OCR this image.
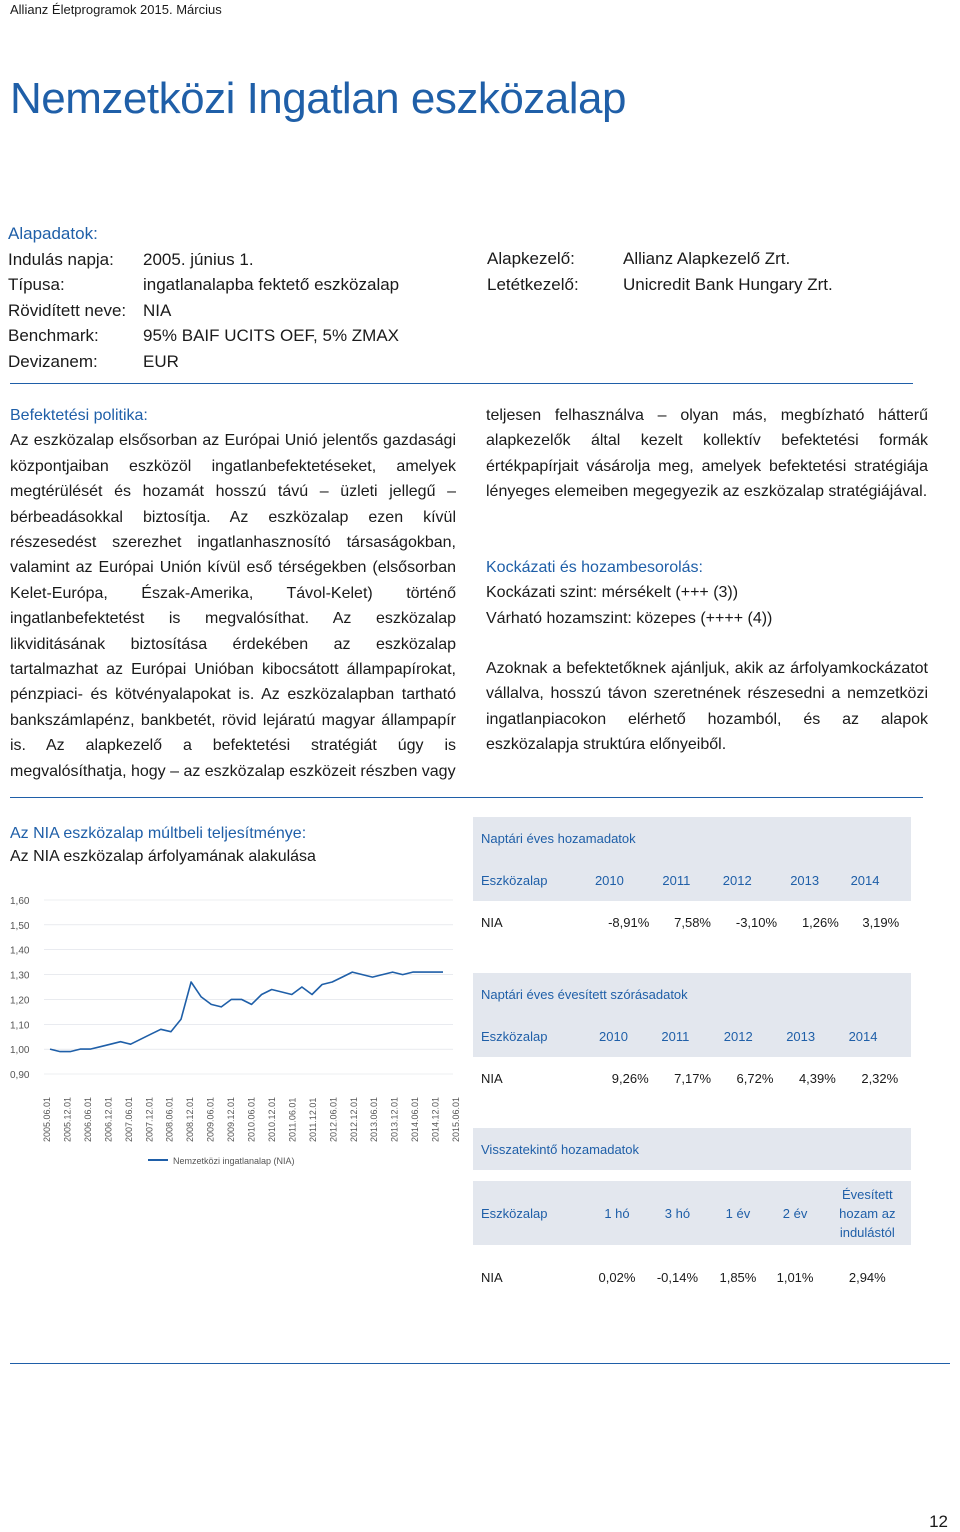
Allianz Életprogramok 2015. Március
Nemzetközi Ingatlan eszközalap
Alapadatok:
Indulás napja:	2005. június 1.
Típusa:	ingatlanalapba fektető eszközalap
Rövidített neve: NIA
Benchmark:	95% BAIF UCITS OEF, 5% ZMAX
Devizanem:	EUR
Alapkezelő:	Allianz Alapkezelő Zrt.
Letétkezelő:	Unicredit Bank Hungary Zrt.

Befektetési politika:

Az eszközalap elsősorban az Európai Unió jelentős gazdasági központjaiban eszközöl ingatlanbefektetéseket, amelyek megtérülését és hozamát hosszú távú – üzleti jellegű – bérbeadásokkal biztosítja. Az eszközalap ezen kívül részesedést szerezhet ingatlanhasznosító társaságokban, valamint az Európai Unión kívül eső térségekben (elsősorban Kelet-Európa, Észak-Amerika, Távol-Kelet) történő ingatlanbefektetést is megvalósíthat. Az eszközalap likviditásának biztosítása érdekében az eszközalap tartalmazhat az Európai Unióban kibocsátott állampapírokat, pénzpiaci- és kötvényalapokat is. Az eszközalapban tartható bankszámlapénz, bankbetét, rövid lejáratú magyar állampapír is. Az alapkezelő a befektetési stratégiát úgy is megvalósíthatja, hogy – az eszközalap eszközeit részben vagy

teljesen felhasználva – olyan más, megbízható hátterű alapkezelők által kezelt kollektív befektetési formák értékpapírjait vásárolja meg, amelyek befektetési stratégiája lényeges elemeiben megegyezik az eszközalap stratégiájával.

Kockázati és hozambesorolás:

Kockázati szint: mérsékelt (+++ (3))

Várható hozamszint: közepes (++++ (4))

Azoknak a befektetőknek ajánljuk, akik az árfolyamkockázatot vállalva, hosszú távon szeretnének részesedni a nemzetközi ingatlanpiacokon elérhető hozamból, és az alapok eszközalapja struktúra előnyeiből.

Az NIA eszközalap múltbeli teljesítménye:
Az NIA eszközalap árfolyamának alakulása
1,60
1,50
1,40
1,30
1,20
1,10
1,00
0,90
2005.06.01 2005.12.01 2006.06.01 2006.12.01 2007.06.01 2007.12.01 2008.06.01 2008.12.01 2009.06.01 2009.12.01 2010.06.01 2010.12.01 2011.06.01 2011.12.01 2012.06.01 2012.12.01 2013.06.01 2013.12.01 2014.06.01 2014.12.01 2015.06.01
Nemzetközi ingatlanalap (NIA)
Naptári éves hozamadatok					
Eszközalap	2010	2011	2012	2013	2014
NIA	-8,91%	7,58%	-3,10%	1,26%	3,19%
Naptári éves évesített szórásadatok					
Eszközalap	2010	2011	2012	2013	2014
NIA	9,26%	7,17%	6,72%	4,39%	2,32%
Visszatekintő hozamadatok					

Eszközalap	1 hó	3 hó	1 év	2 év	Évesített
hozam az
indulástól

NIA	0,02%	-0,14%	1,85%	1,01%	2,94%
12
